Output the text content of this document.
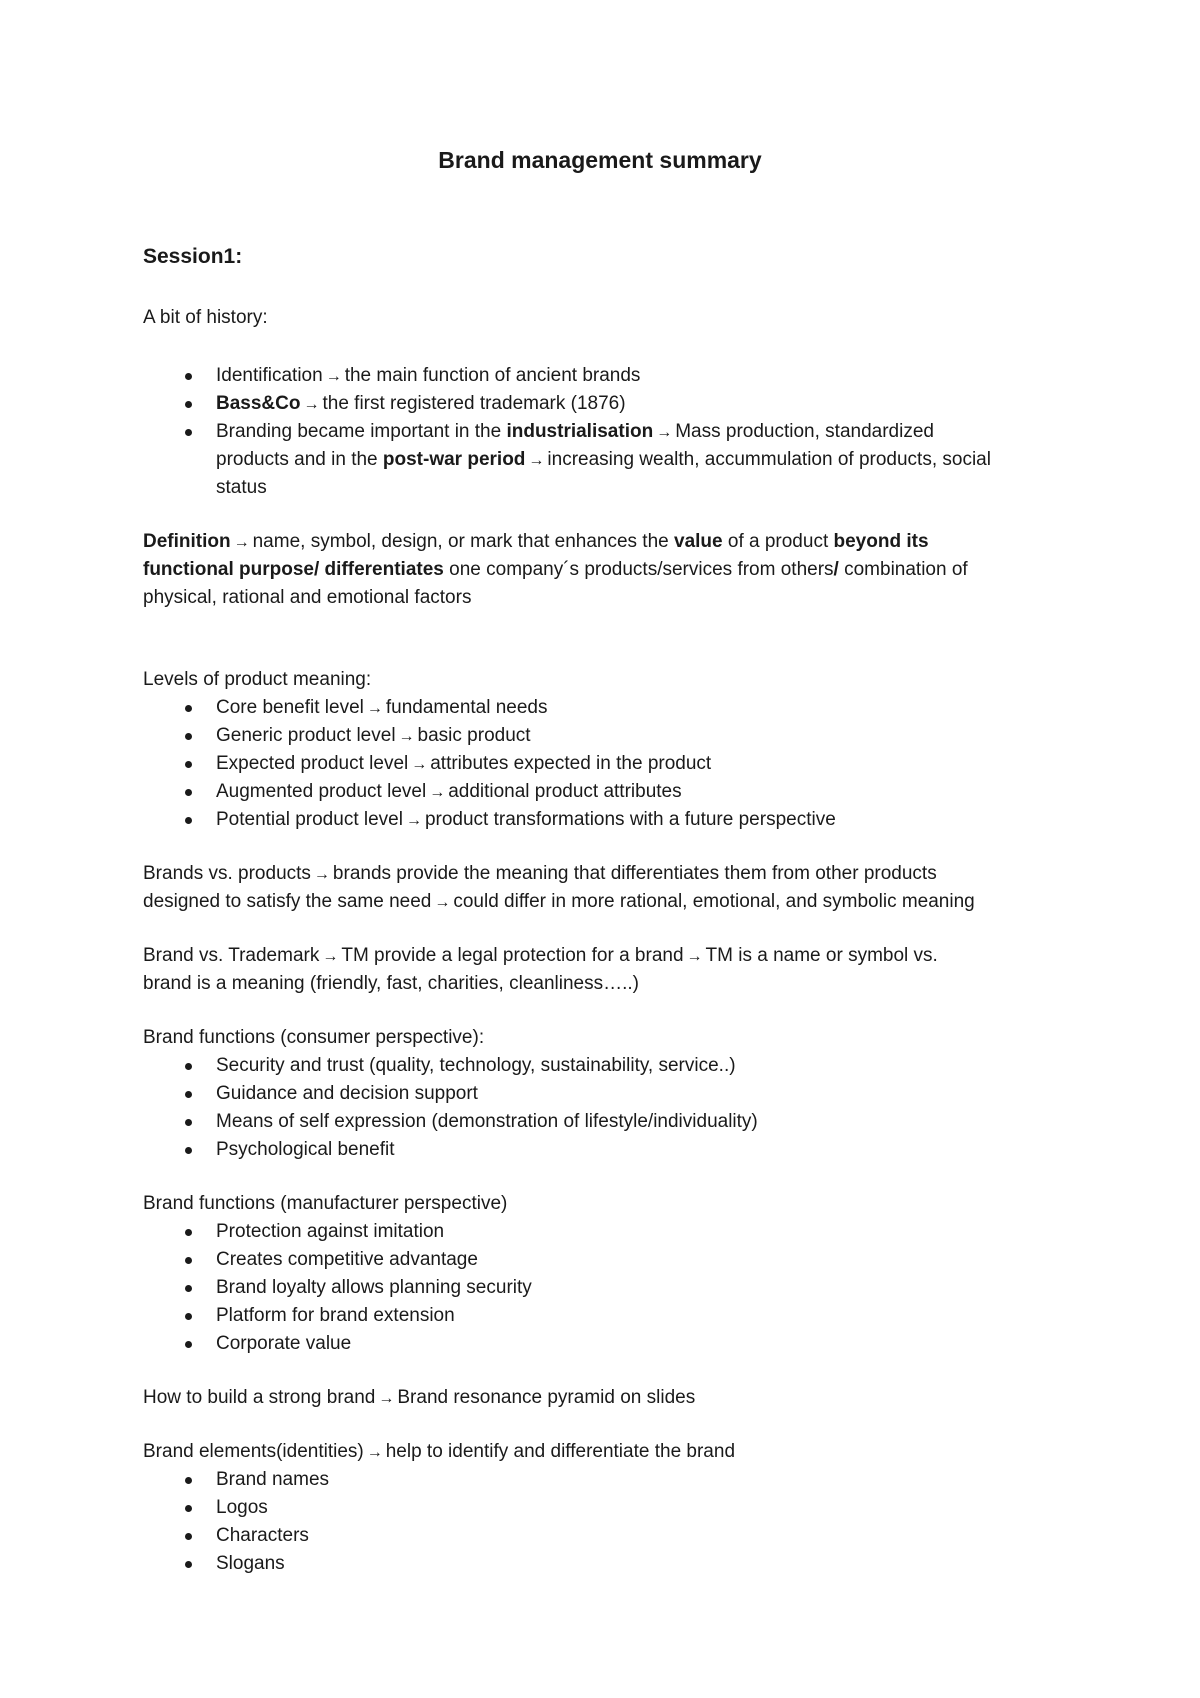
Brand management summary
Session1:
A bit of history:
Identification → the main function of ancient brands
Bass&Co → the first registered trademark (1876)
Branding became important in the industrialisation → Mass production, standardized
products and in the post-war period → increasing wealth, accummulation of products, social
status
Definition → name, symbol, design, or mark that enhances the value of a product beyond its
functional purpose/ differentiates one company´s products/services from others/ combination of
physical, rational and emotional factors
Levels of product meaning:
Core benefit level → fundamental needs
Generic product level → basic product
Expected product level → attributes expected in the product
Augmented product level → additional product attributes
Potential product level → product transformations with a future perspective
Brands vs. products → brands provide the meaning that differentiates them from other products
designed to satisfy the same need → could differ in more rational, emotional, and symbolic meaning
Brand vs. Trademark → TM provide a legal protection for a brand → TM is a name or symbol vs.
brand is a meaning (friendly, fast, charities, cleanliness…..)
Brand functions (consumer perspective):
Security and trust (quality, technology, sustainability, service..)
Guidance and decision support
Means of self expression (demonstration of lifestyle/individuality)
Psychological benefit
Brand functions (manufacturer perspective)
Protection against imitation
Creates competitive advantage
Brand loyalty allows planning security
Platform for brand extension
Corporate value
How to build a strong brand → Brand resonance pyramid on slides
Brand elements(identities) → help to identify and differentiate the brand
Brand names
Logos
Characters
Slogans
